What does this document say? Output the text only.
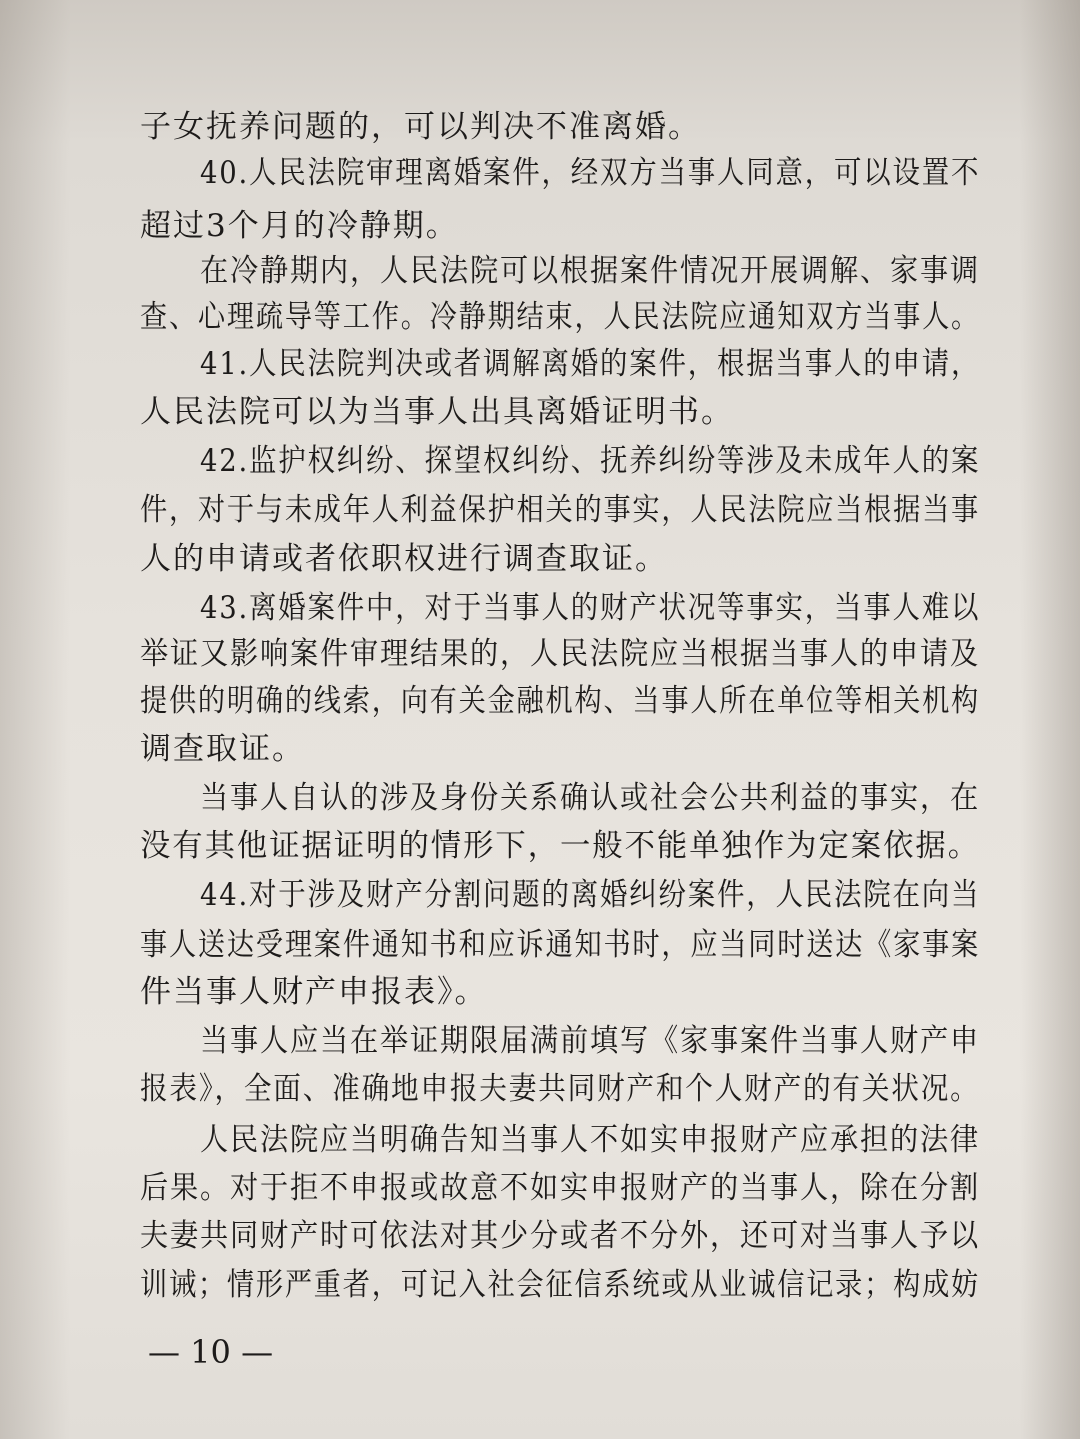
子女抚养问题的，可以判决不准离婚。
40.人民法院审理离婚案件，经双方当事人同意，可以设置不
超过3个月的冷静期。
在冷静期内，人民法院可以根据案件情况开展调解、家事调
查、心理疏导等工作。冷静期结束，人民法院应通知双方当事人。
41.人民法院判决或者调解离婚的案件，根据当事人的申请，
人民法院可以为当事人出具离婚证明书。
42.监护权纠纷、探望权纠纷、抚养纠纷等涉及未成年人的案
件，对于与未成年人利益保护相关的事实，人民法院应当根据当事
人的申请或者依职权进行调查取证。
43.离婚案件中，对于当事人的财产状况等事实，当事人难以
举证又影响案件审理结果的，人民法院应当根据当事人的申请及
提供的明确的线索，向有关金融机构、当事人所在单位等相关机构
调查取证。
当事人自认的涉及身份关系确认或社会公共利益的事实，在
没有其他证据证明的情形下，一般不能单独作为定案依据。
44.对于涉及财产分割问题的离婚纠纷案件，人民法院在向当
事人送达受理案件通知书和应诉通知书时，应当同时送达《家事案
件当事人财产申报表》。
当事人应当在举证期限届满前填写《家事案件当事人财产申
报表》，全面、准确地申报夫妻共同财产和个人财产的有关状况。
人民法院应当明确告知当事人不如实申报财产应承担的法律
后果。对于拒不申报或故意不如实申报财产的当事人，除在分割
夫妻共同财产时可依法对其少分或者不分外，还可对当事人予以
训诫；情形严重者，可记入社会征信系统或从业诚信记录；构成妨
— 10 —
